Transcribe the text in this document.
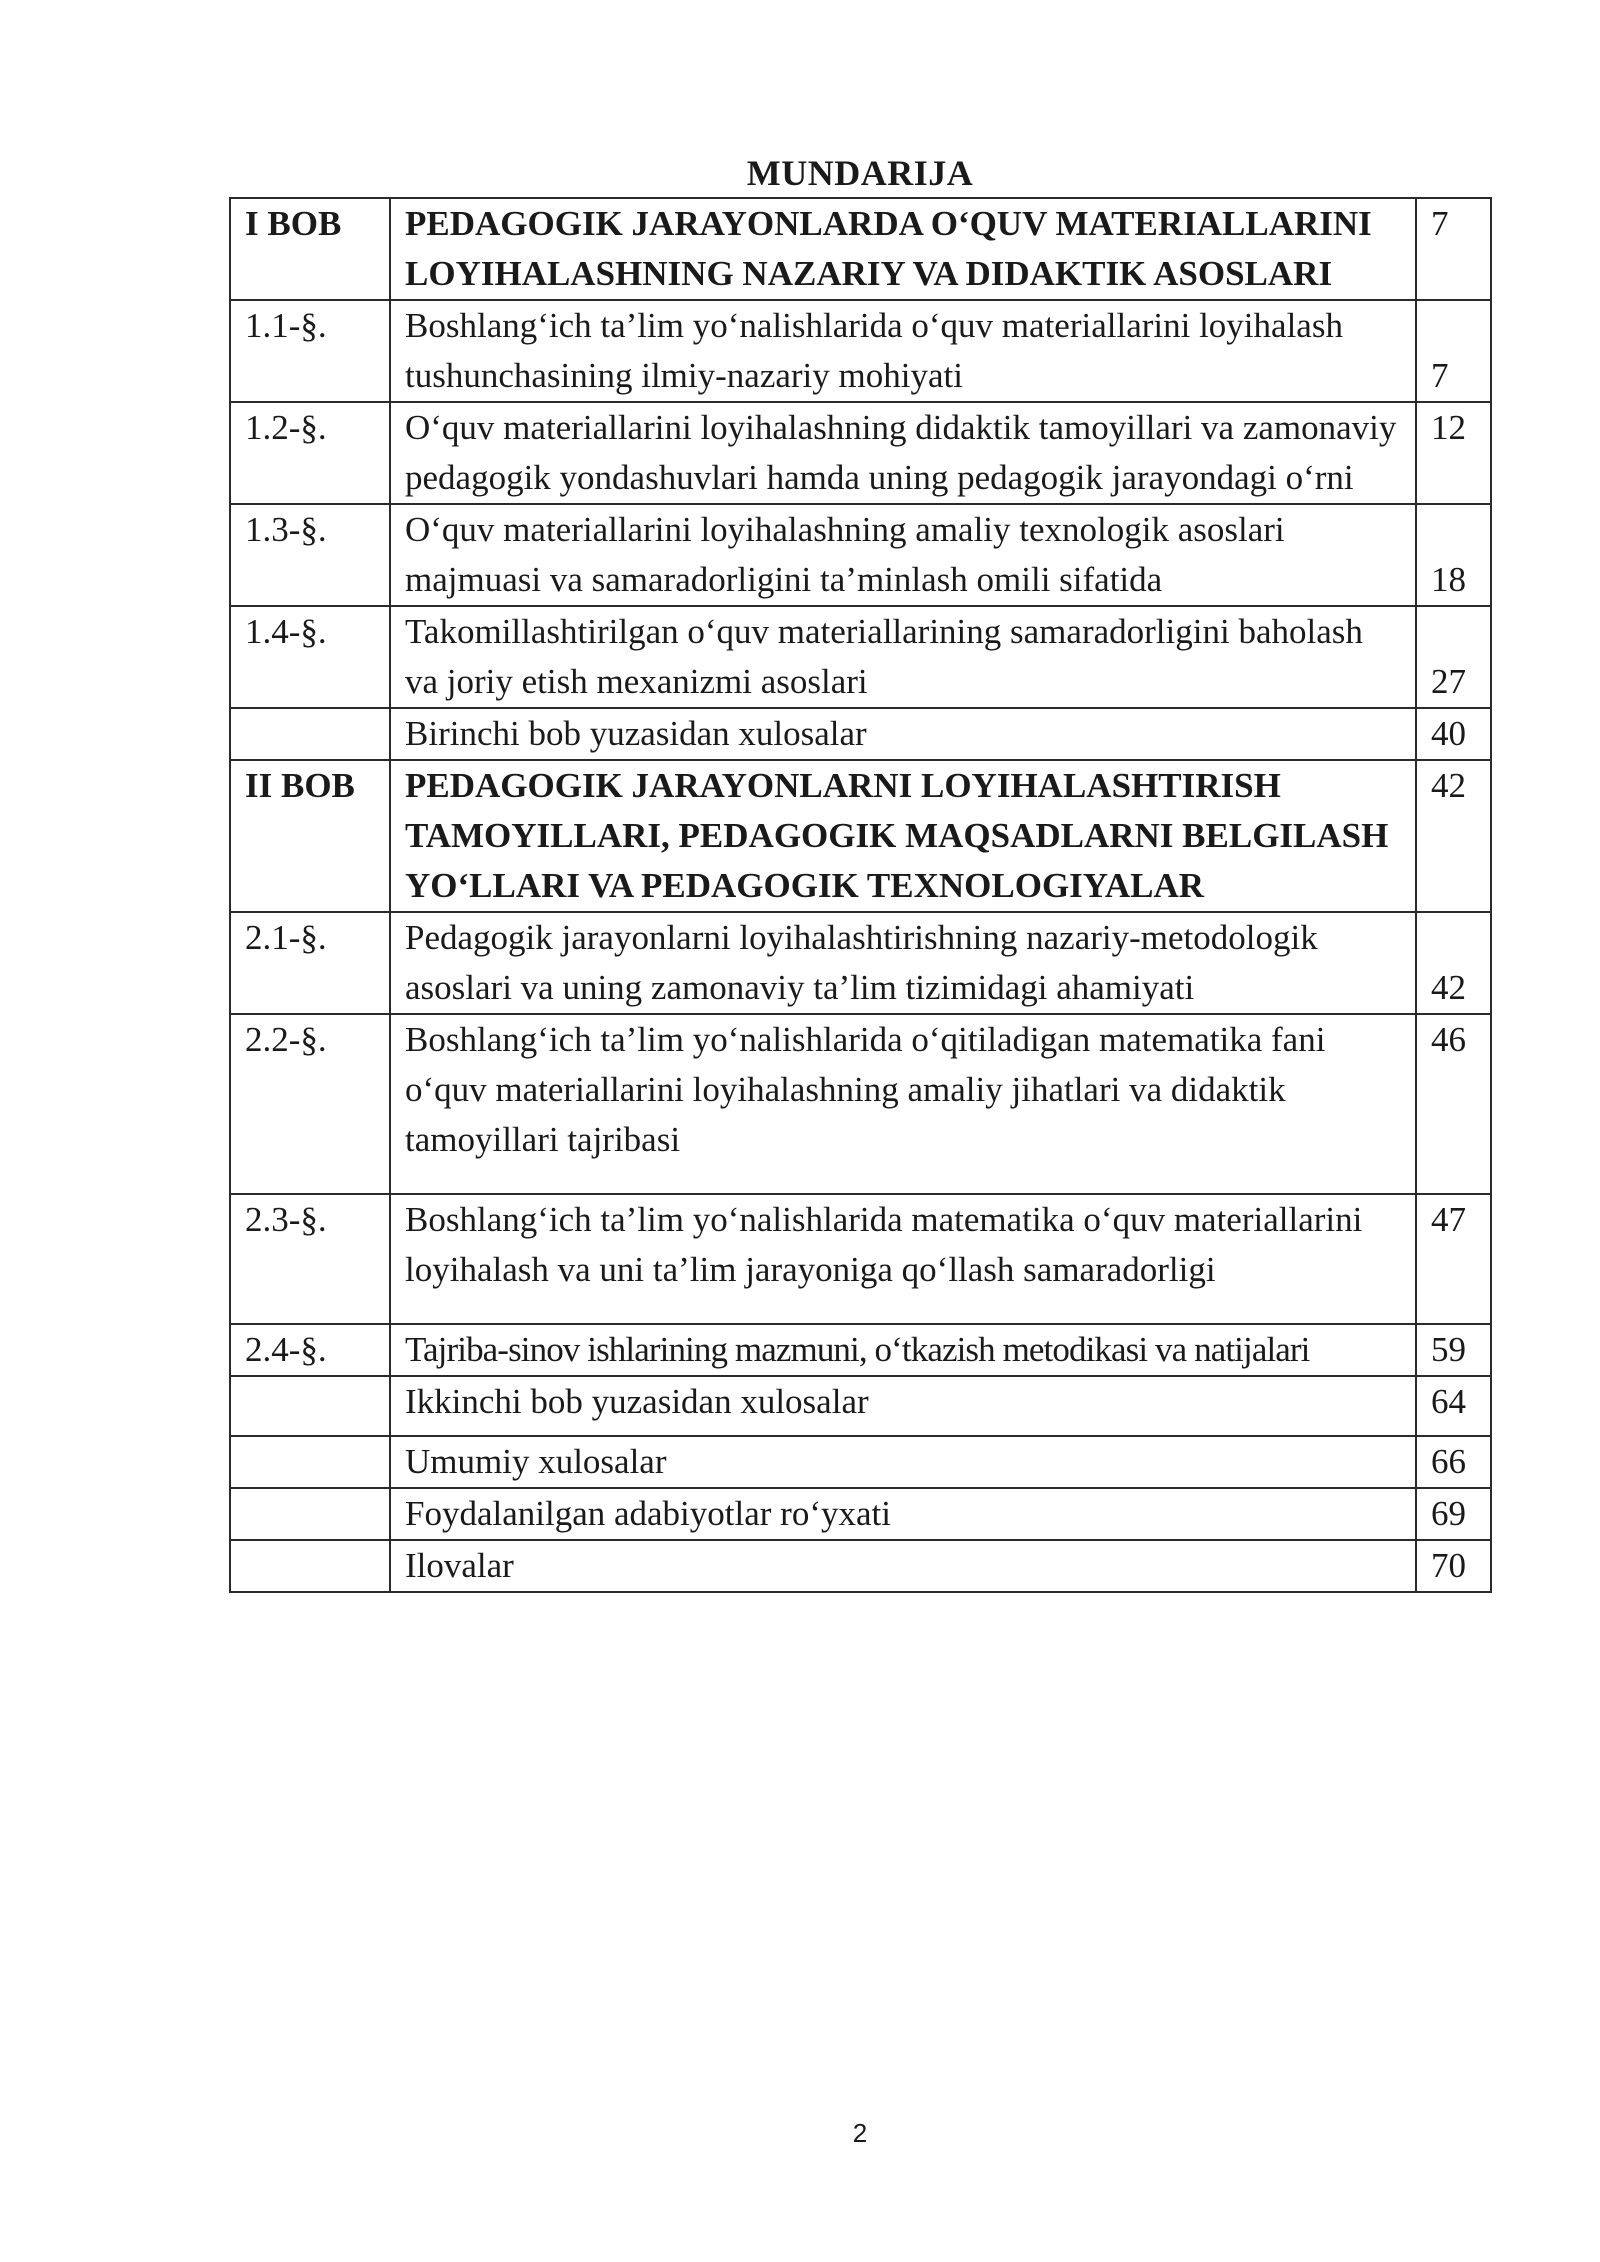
MUNDARIJA
I BOB	PEDAGOGIK JARAYONLARDA O‘QUV MATERIALLARINI LOYIHALASHNING NAZARIY VA DIDAKTIK ASOSLARI	7
1.1-§.	Boshlang‘ich ta’lim yo‘nalishlarida o‘quv materiallarini loyihalash tushunchasining ilmiy-nazariy mohiyati	7
1.2-§.	O‘quv materiallarini loyihalashning didaktik tamoyillari va zamonaviy pedagogik yondashuvlari hamda uning pedagogik jarayondagi o‘rni	12
1.3-§.	O‘quv materiallarini loyihalashning amaliy texnologik asoslari majmuasi va samaradorligini ta’minlash omili sifatida	18
1.4-§.	Takomillashtirilgan o‘quv materiallarining samaradorligini baholash va joriy etish mexanizmi asoslari	27
	Birinchi bob yuzasidan xulosalar	40
II BOB	PEDAGOGIK JARAYONLARNI LOYIHALASHTIRISH TAMOYILLARI, PEDAGOGIK MAQSADLARNI BELGILASH YO‘LLARI VA PEDAGOGIK TEXNOLOGIYALAR	42
2.1-§.	Pedagogik jarayonlarni loyihalashtirishning nazariy-metodologik asoslari va uning zamonaviy ta’lim tizimidagi ahamiyati	42
2.2-§.	Boshlang‘ich ta’lim yo‘nalishlarida o‘qitiladigan matematika fani o‘quv materiallarini loyihalashning amaliy jihatlari va didaktik tamoyillari tajribasi	46
2.3-§.	Boshlang‘ich ta’lim yo‘nalishlarida matematika o‘quv materiallarini loyihalash va uni ta’lim jarayoniga qo‘llash samaradorligi	47
2.4-§.	Tajriba-sinov ishlarining mazmuni, o‘tkazish metodikasi va natijalari	59
	Ikkinchi bob yuzasidan xulosalar	64
	Umumiy xulosalar	66
	Foydalanilgan adabiyotlar ro‘yxati	69
	Ilovalar	70
2
